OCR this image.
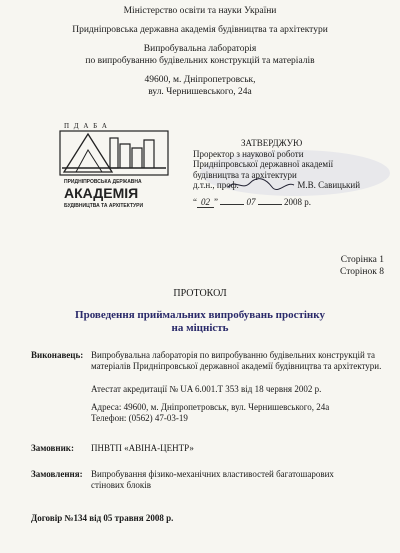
Міністерство освіти та науки України
Придніпровська державна академія будівництва та архітектури
Випробувальна лабораторія
по випробуванню будівельних конструкцій та матеріалів
49600, м. Дніпропетровськ,
вул. Чернишевського, 24а
П Д А Б А
ПРИДНІПРОВСЬКА ДЕРЖАВНА
АКАДЕМІЯ
БУДІВНИЦТВА ТА АРХІТЕКТУРИ
ЗАТВЕРДЖУЮ
Проректор з наукової роботи
Придніпровської державної академії
будівництва та архітектури
д.т.н., проф.	М.В. Савицький
“ 02 ”	07	2008 р.
Сторінка 1
Сторінок 8
ПРОТОКОЛ
Проведення приймальних випробувань простінку
на міцність
Виконавець: Випробувальна лабораторія по випробуванню будівельних конструкцій та матеріалів Придніпровської державної академії будівництва та архітектури.
Атестат акредитації № UA 6.001.Т 353 від 18 червня 2002 р.
Адреса: 49600, м. Дніпропетровськ, вул. Чернишевського, 24а
Телефон: (0562) 47-03-19
Замовник: ПНВТП «АВІНА-ЦЕНТР»
Замовлення: Випробування фізико-механічних властивостей багатошарових стінових блоків
Договір №134 від 05 травня 2008 р.
